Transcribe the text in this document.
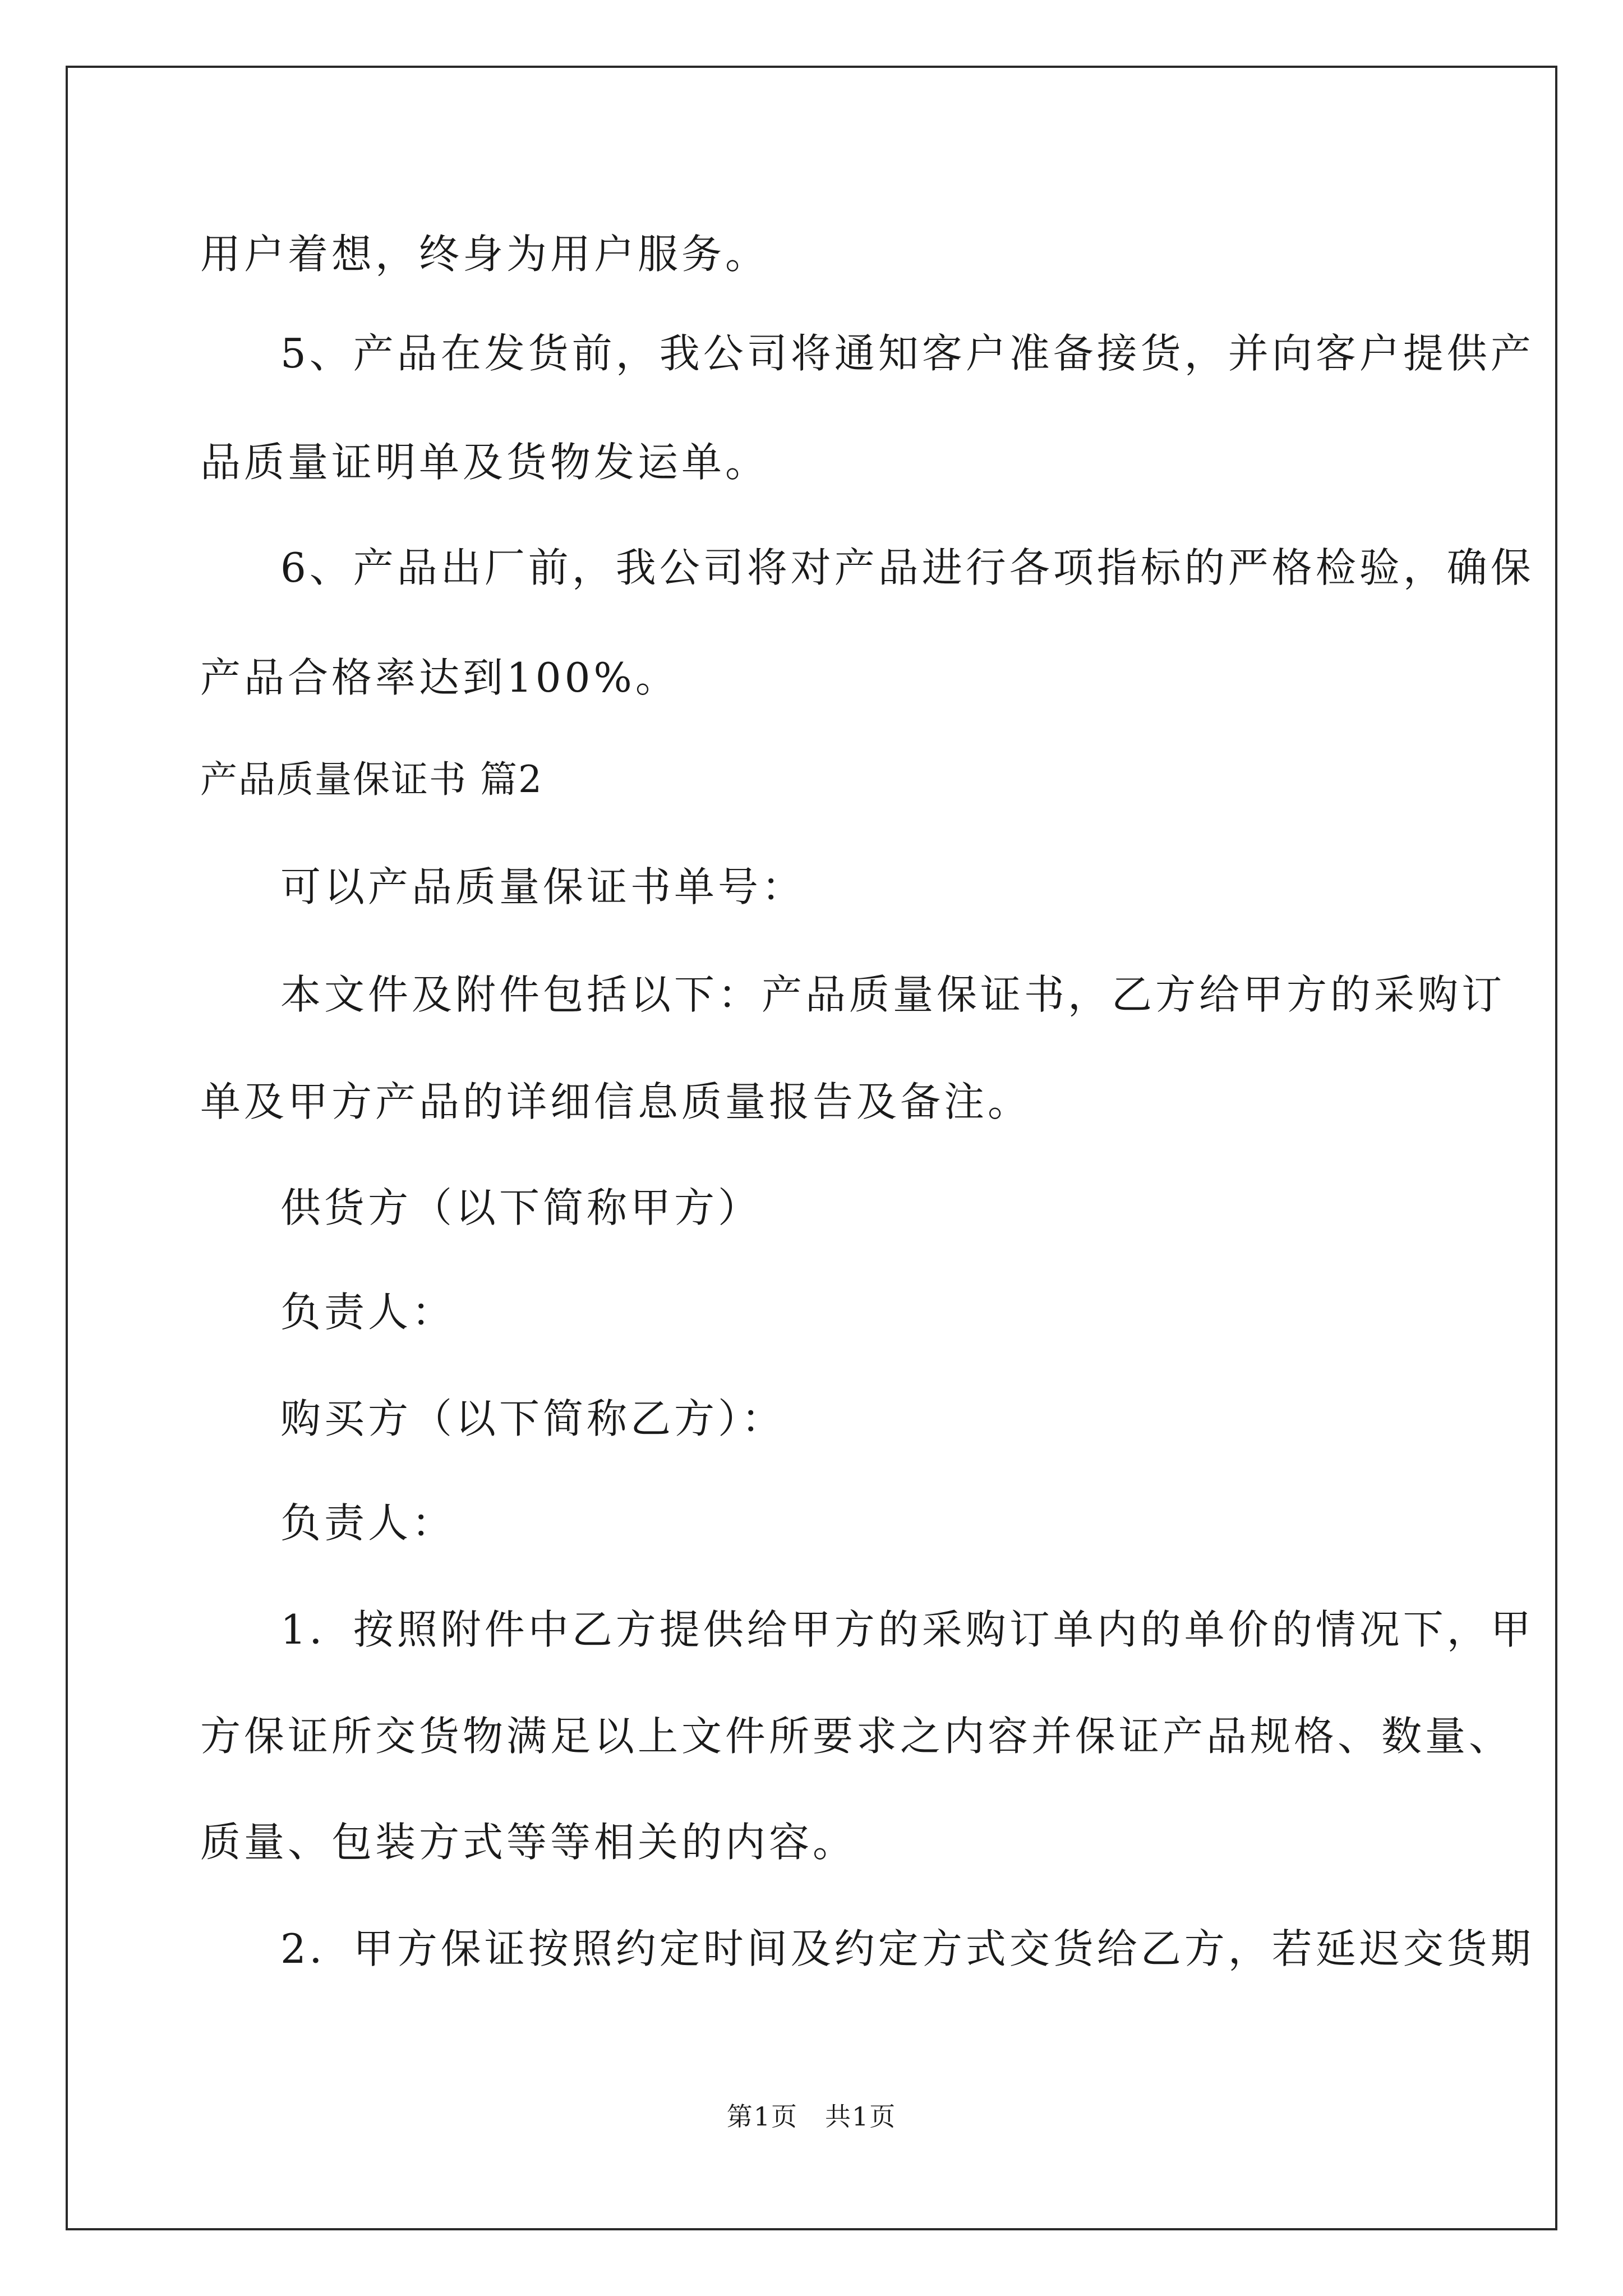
用户着想，终身为用户服务。
5、产品在发货前，我公司将通知客户准备接货，并向客户提供产
品质量证明单及货物发运单。
6、产品出厂前，我公司将对产品进行各项指标的严格检验，确保
产品合格率达到100%。
产品质量保证书 篇2
可以产品质量保证书单号：
本文件及附件包括以下：产品质量保证书，乙方给甲方的采购订
单及甲方产品的详细信息质量报告及备注。
供货方（以下简称甲方）
负责人：
购买方（以下简称乙方）：
负责人：
1．按照附件中乙方提供给甲方的采购订单内的单价的情况下，甲
方保证所交货物满足以上文件所要求之内容并保证产品规格、数量、
质量、包装方式等等相关的内容。
2．甲方保证按照约定时间及约定方式交货给乙方，若延迟交货期
第1页　共1页
